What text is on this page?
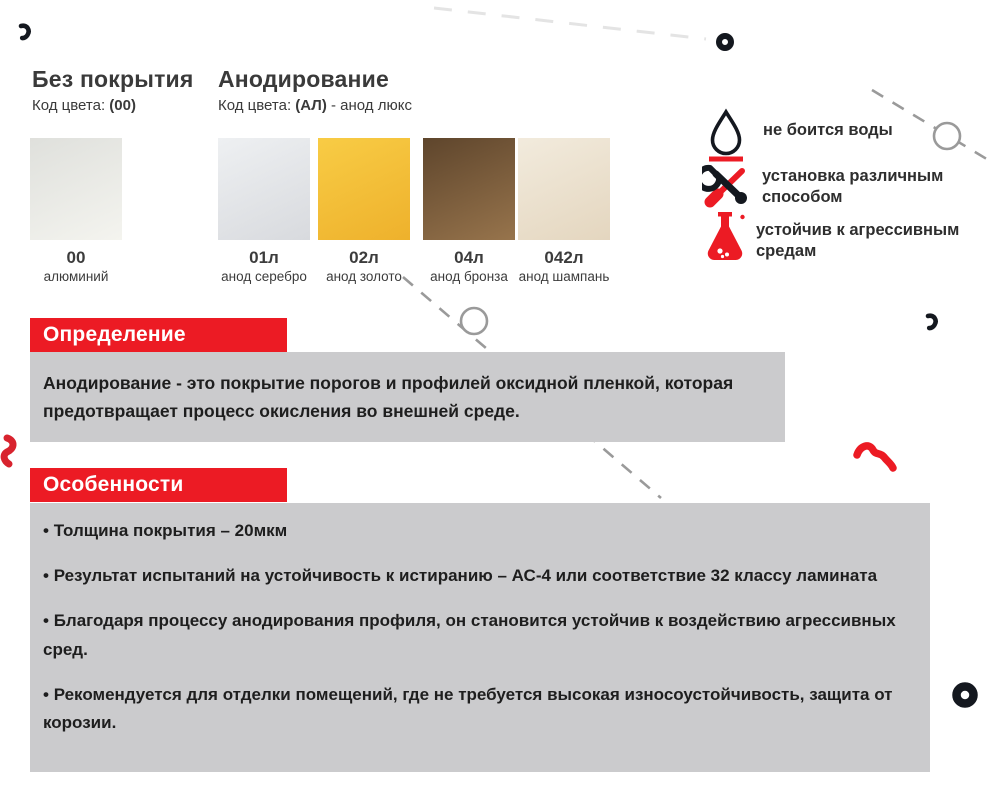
Без покрытия
Код цвета: (00)
Анодирование
Код цвета: (АЛ) - анод люкс
00
алюминий
01л
анод серебро
02л
анод золото
04л
анод бронза
042л
анод шампань
не боится воды
установка различным способом
устойчив к агрессивным средам
Определение
Анодирование - это покрытие порогов и профилей оксидной пленкой, которая предотвращает процесс окисления во внешней среде.
Особенности
• Толщина покрытия – 20мкм
• Результат испытаний на устойчивость к истиранию – АС-4 или соответствие 32 классу ламината
• Благодаря процессу анодирования профиля, он становится устойчив к воздействию агрессивных сред.
• Рекомендуется для отделки помещений, где не требуется высокая износоустойчивость, защита от корозии.
